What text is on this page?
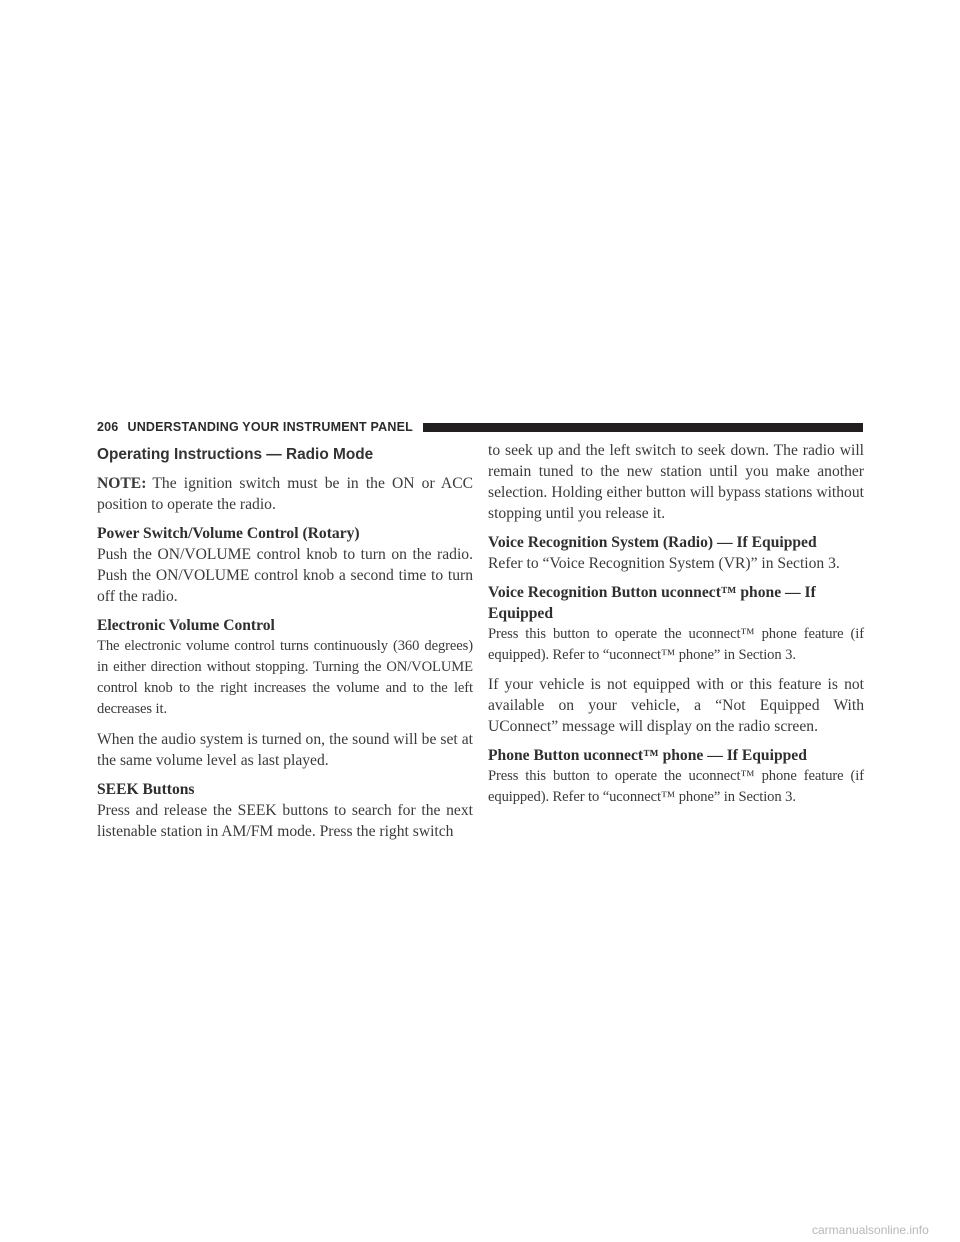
206 UNDERSTANDING YOUR INSTRUMENT PANEL
Operating Instructions — Radio Mode

NOTE: The ignition switch must be in the ON or ACC position to operate the radio.

Power Switch/Volume Control (Rotary)

Push the ON/VOLUME control knob to turn on the radio. Push the ON/VOLUME control knob a second time to turn off the radio.

Electronic Volume Control

The electronic volume control turns continuously (360 degrees) in either direction without stopping. Turning the ON/VOLUME control knob to the right increases the volume and to the left decreases it.

When the audio system is turned on, the sound will be set at the same volume level as last played.

SEEK Buttons

Press and release the SEEK buttons to search for the next listenable station in AM/FM mode. Press the right switch

to seek up and the left switch to seek down. The radio will remain tuned to the new station until you make another selection. Holding either button will bypass stations without stopping until you release it.

Voice Recognition System (Radio) — If Equipped

Refer to “Voice Recognition System (VR)” in Section 3.

Voice Recognition Button uconnect™ phone — If Equipped

Press this button to operate the uconnect™ phone feature (if equipped). Refer to “uconnect™ phone” in Section 3.

If your vehicle is not equipped with or this feature is not available on your vehicle, a “Not Equipped With UConnect” message will display on the radio screen.

Phone Button uconnect™ phone — If Equipped

Press this button to operate the uconnect™ phone feature (if equipped). Refer to “uconnect™ phone” in Section 3.

carmanualsonline.info
